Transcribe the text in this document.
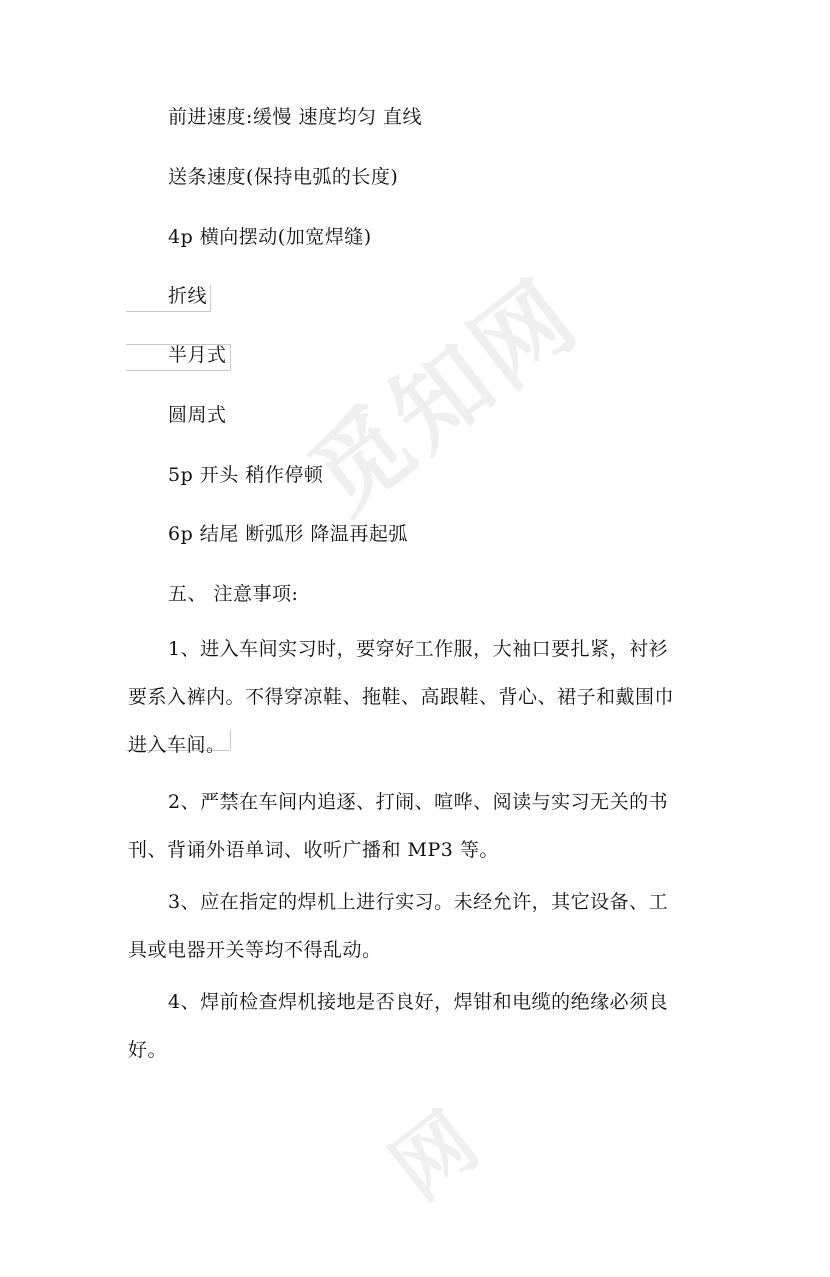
觅知网
网
前进速度:缓慢 速度均匀 直线
送条速度(保持电弧的长度)
4p 横向摆动(加宽焊缝)
折线
半月式
圆周式
5p 开头 稍作停顿
6p 结尾 断弧形 降温再起弧
五、 注意事项:
1、进入车间实习时，要穿好工作服，大袖口要扎紧，衬衫
要系入裤内。不得穿凉鞋、拖鞋、高跟鞋、背心、裙子和戴围巾
进入车间。
2、严禁在车间内追逐、打闹、喧哗、阅读与实习无关的书
刊、背诵外语单词、收听广播和 MP3 等。
3、应在指定的焊机上进行实习。未经允许，其它设备、工
具或电器开关等均不得乱动。
4、焊前检查焊机接地是否良好，焊钳和电缆的绝缘必须良
好。
